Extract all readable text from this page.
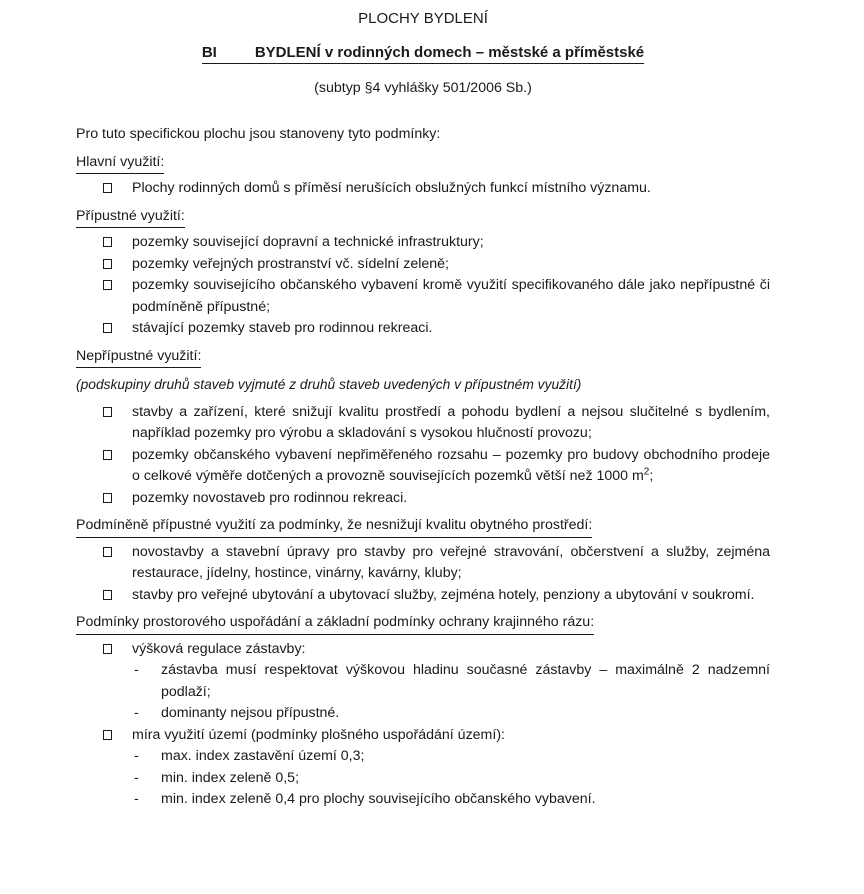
PLOCHY BYDLENÍ
BI	BYDLENÍ v rodinných domech – městské a příměstské
(subtyp §4 vyhlášky 501/2006 Sb.)

Pro tuto specifickou plochu jsou stanoveny tyto podmínky:

Hlavní využití:
Plochy rodinných domů s příměsí nerušících obslužných funkcí místního významu.
Přípustné využití:
pozemky související dopravní a technické infrastruktury;
pozemky veřejných prostranství vč. sídelní zeleně;
pozemky souvisejícího občanského vybavení kromě využití specifikovaného dále jako nepřípustné či podmíněně přípustné;
stávající pozemky staveb pro rodinnou rekreaci.
Nepřípustné využití:
(podskupiny druhů staveb vyjmuté z druhů staveb uvedených v přípustném využití)
stavby a zařízení, které snižují kvalitu prostředí a pohodu bydlení a nejsou slučitelné s bydlením, například pozemky pro výrobu a skladování s vysokou hlučností provozu;
pozemky občanského vybavení nepřiměřeného rozsahu – pozemky pro budovy obchodního prodeje o celkové výměře dotčených a provozně souvisejících pozemků větší než 1000 $m^2$;
pozemky novostaveb pro rodinnou rekreaci.
Podmíněně přípustné využití za podmínky, že nesnižují kvalitu obytného prostředí:
novostavby a stavební úpravy pro stavby pro veřejné stravování, občerstvení a služby, zejména restaurace, jídelny, hostince, vinárny, kavárny, kluby;
stavby pro veřejné ubytování a ubytovací služby, zejména hotely, penziony a ubytování v soukromí.
Podmínky prostorového uspořádání a základní podmínky ochrany krajinného rázu:
výšková regulace zástavby:
-	zástavba musí respektovat výškovou hladinu současné zástavby – maximálně 2 nadzemní podlaží;
-	dominanty nejsou přípustné.
míra využití území (podmínky plošného uspořádání území):
-	max. index zastavění území 0,3;
-	min. index zeleně 0,5;
-	min. index zeleně 0,4 pro plochy souvisejícího občanského vybavení.
